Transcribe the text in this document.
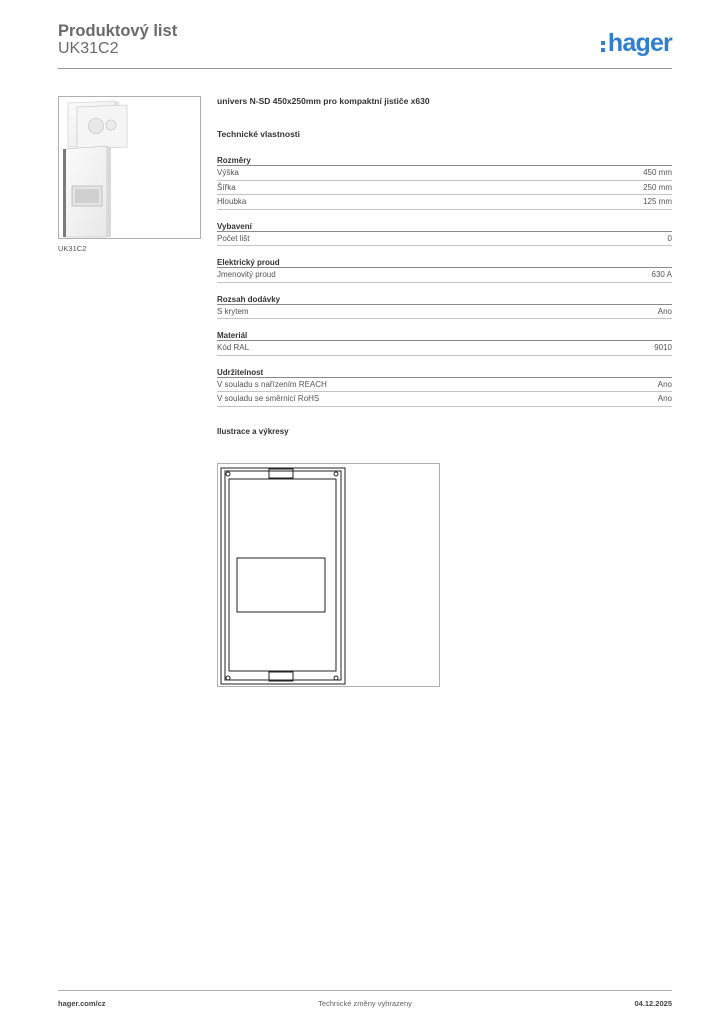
Produktový list
UK31C2	hager
UK31C2
univers N-SD 450x250mm pro kompaktní jističe x630
Technické vlastnosti
Rozměry
Výška	450 mm
Šířka	250 mm
Hloubka	125 mm
Vybavení
Počet lišt	0
Elektrický proud
Jmenovitý proud	630 A
Rozsah dodávky
S krytem	Ano
Materiál
Kód RAL	9010
Udržitelnost
V souladu s nařízením REACH	Ano
V souladu se směrnicí RoHS	Ano
Ilustrace a výkresy
hager.com/cz	Technické změny vyhrazeny	04.12.2025
